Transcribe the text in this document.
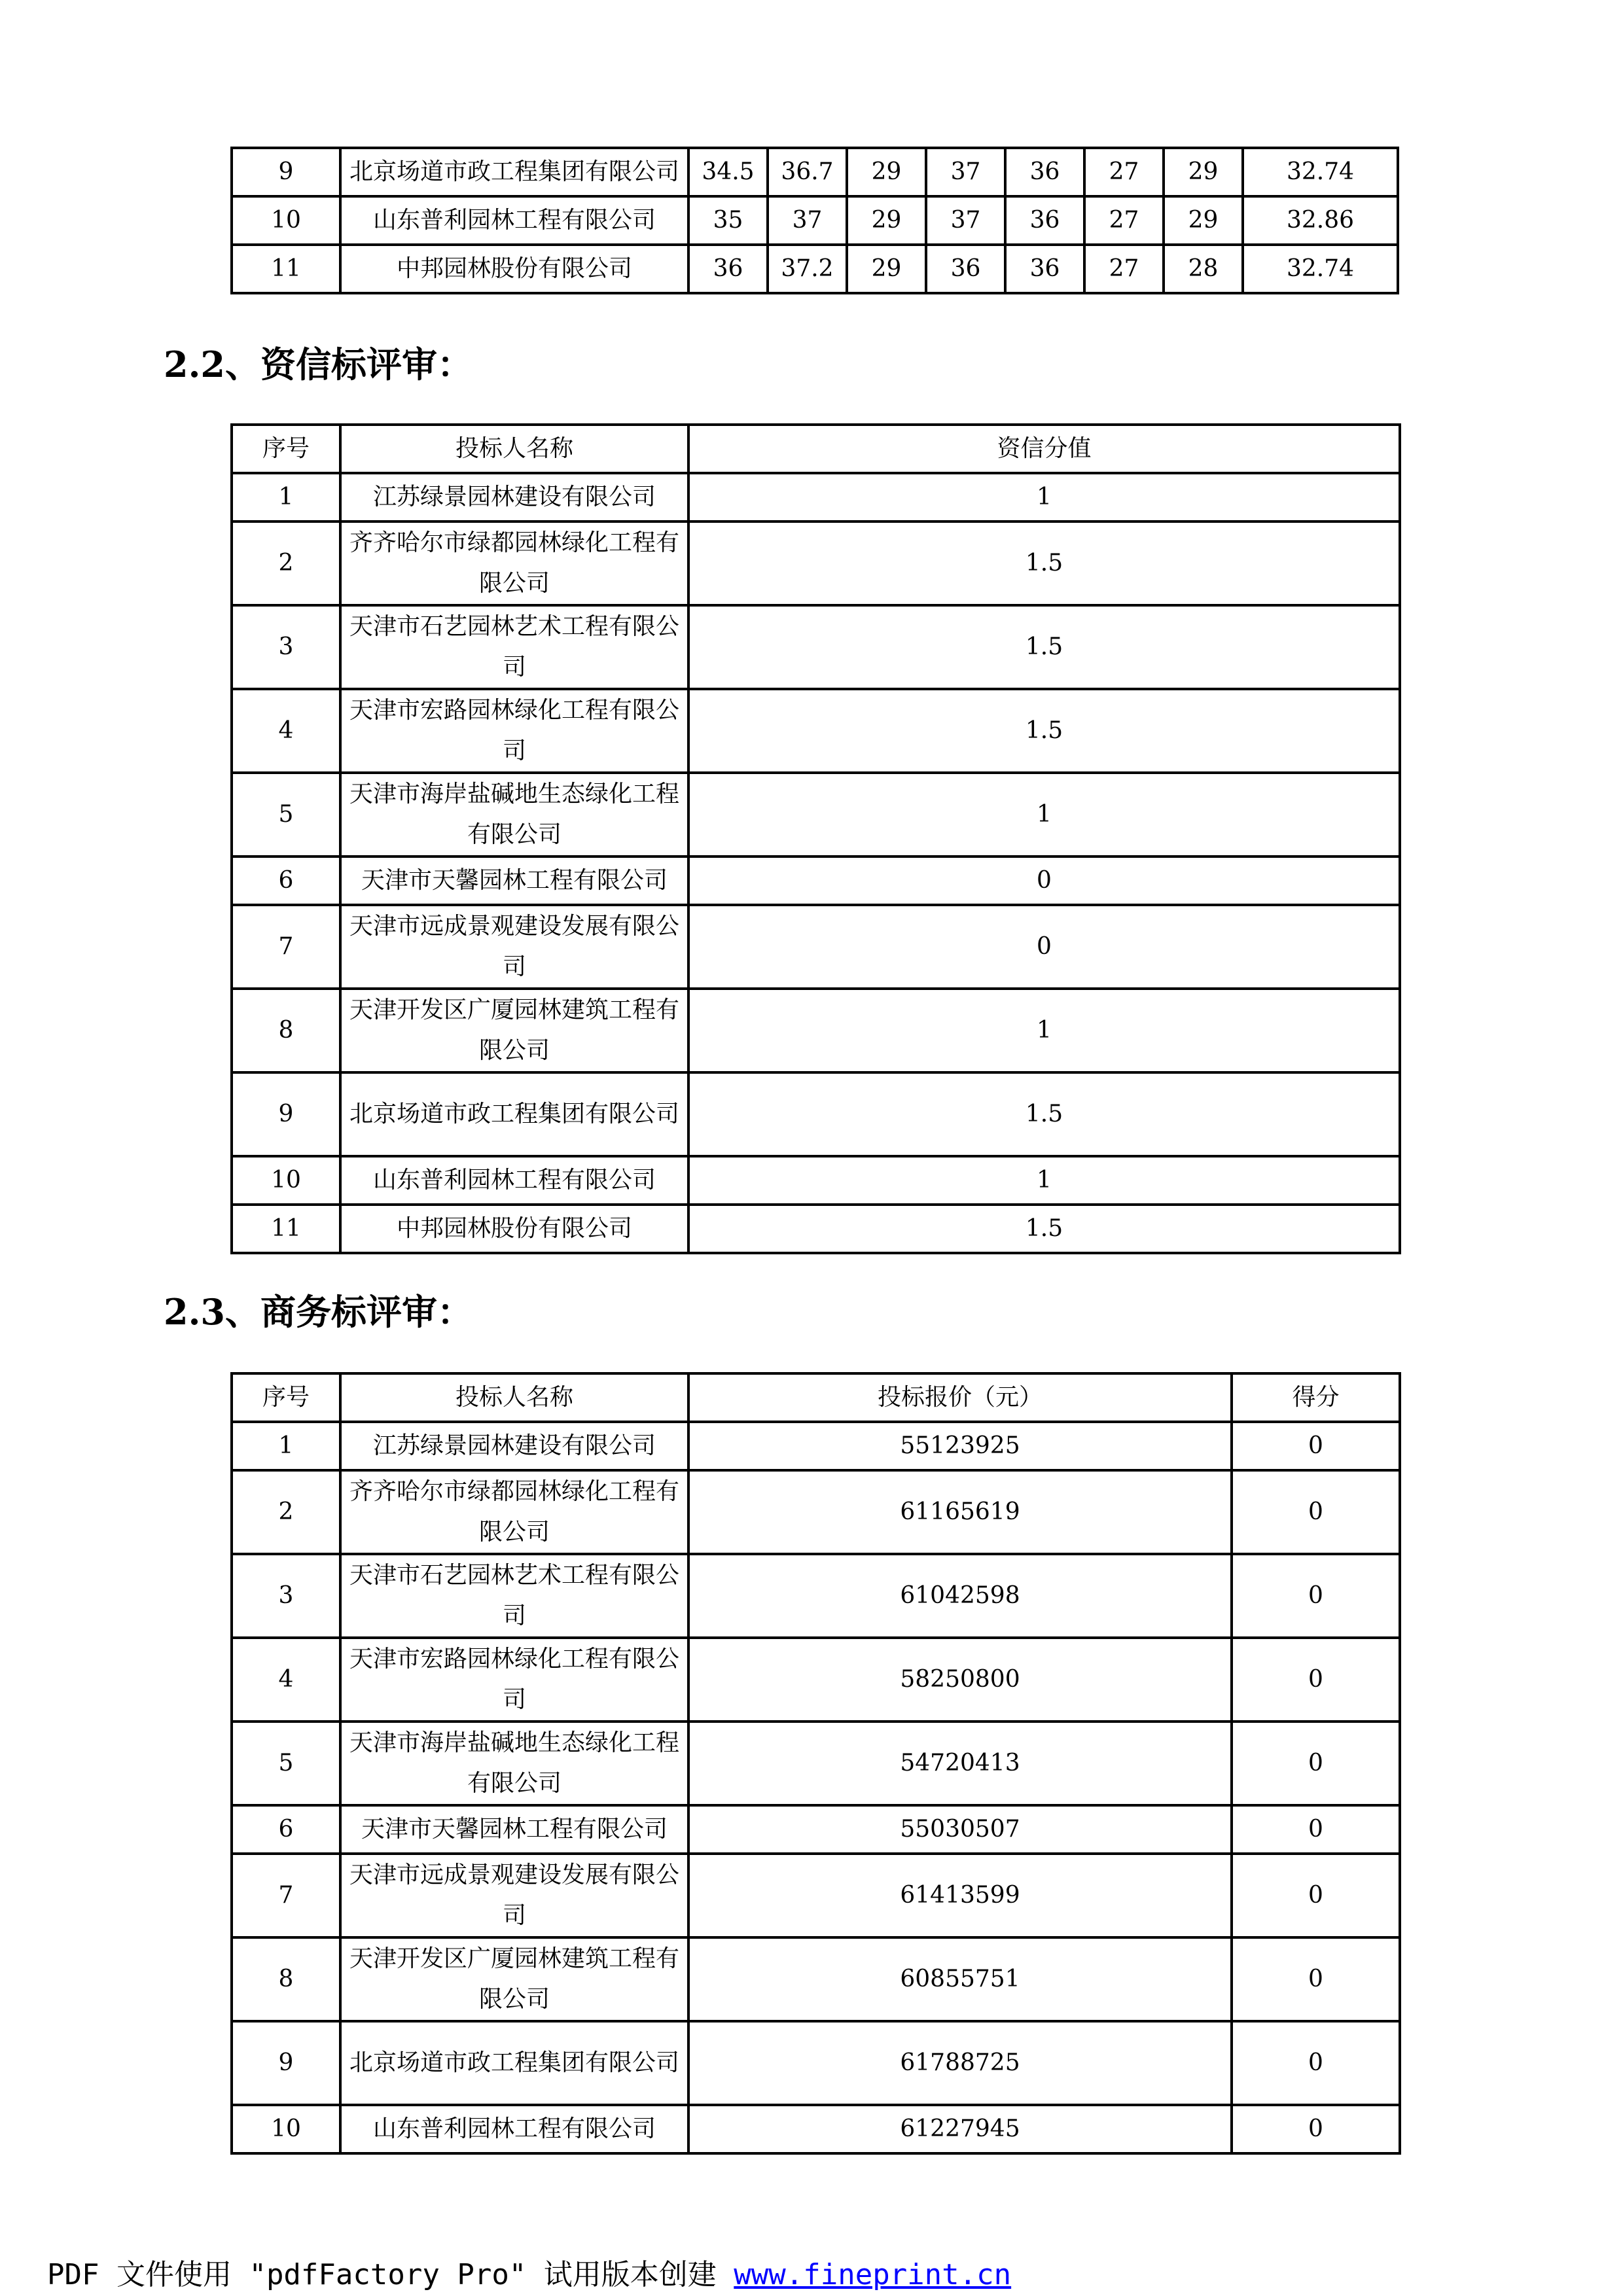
9	北京场道市政工程集团有限公司	34.5	36.7	29	37	36	27	29	32.74
10	山东普利园林工程有限公司	35	37	29	37	36	27	29	32.86
11	中邦园林股份有限公司	36	37.2	29	36	36	27	28	32.74
2.2、资信标评审：
序号	投标人名称	资信分值
1	江苏绿景园林建设有限公司	1
2	齐齐哈尔市绿都园林绿化工程有限公司	1.5
3	天津市石艺园林艺术工程有限公司	1.5
4	天津市宏路园林绿化工程有限公司	1.5
5	天津市海岸盐碱地生态绿化工程有限公司	1
6	天津市天馨园林工程有限公司	0
7	天津市远成景观建设发展有限公司	0
8	天津开发区广厦园林建筑工程有限公司	1
9	北京场道市政工程集团有限公司	1.5
10	山东普利园林工程有限公司	1
11	中邦园林股份有限公司	1.5
2.3、商务标评审：
序号	投标人名称	投标报价（元）	得分
1	江苏绿景园林建设有限公司	55123925	0
2	齐齐哈尔市绿都园林绿化工程有限公司	61165619	0
3	天津市石艺园林艺术工程有限公司	61042598	0
4	天津市宏路园林绿化工程有限公司	58250800	0
5	天津市海岸盐碱地生态绿化工程有限公司	54720413	0
6	天津市天馨园林工程有限公司	55030507	0
7	天津市远成景观建设发展有限公司	61413599	0
8	天津开发区广厦园林建筑工程有限公司	60855751	0
9	北京场道市政工程集团有限公司	61788725	0
10	山东普利园林工程有限公司	61227945	0
PDF 文件使用 "pdfFactory Pro" 试用版本创建 www.fineprint.cn
